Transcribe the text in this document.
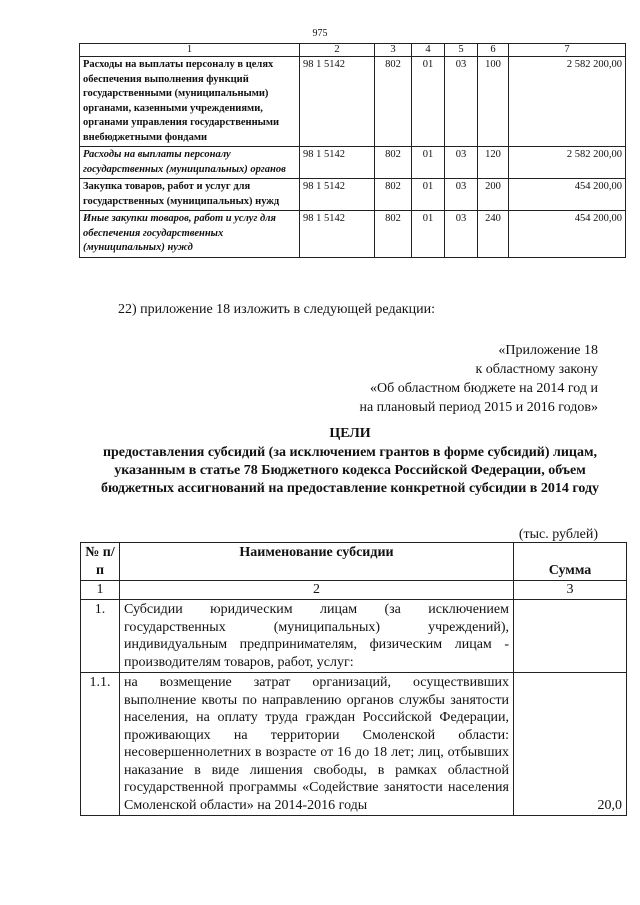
975
1	2	3	4	5	6	7
Расходы на выплаты персоналу в целях обеспечения выполнения функций государственными (муниципальными) органами, казенными учреждениями, органами управления государственными внебюджетными фондами	98 1 5142	802	01	03	100	2 582 200,00
Расходы на выплаты персоналу государственных (муниципальных) органов	98 1 5142	802	01	03	120	2 582 200,00
Закупка товаров, работ и услуг для государственных (муниципальных) нужд	98 1 5142	802	01	03	200	454 200,00
Иные закупки товаров, работ и услуг для обеспечения государственных (муниципальных) нужд	98 1 5142	802	01	03	240	454 200,00
22) приложение 18 изложить в следующей редакции:
«Приложение 18
к областному закону
«Об областном бюджете на 2014 год и
на плановый период 2015 и 2016 годов»
ЦЕЛИ
предоставления субсидий (за исключением грантов в форме субсидий) лицам, указанным в статье 78 Бюджетного кодекса Российской Федерации, объем бюджетных ассигнований на предоставление конкретной субсидии в 2014 году
(тыс. рублей)
№ п/п	Наименование субсидии	Сумма
1	2	3
1.	Субсидии юридическим лицам (за исключением государственных (муниципальных) учреждений), индивидуальным предпринимателям, физическим лицам - производителям товаров, работ, услуг:	
1.1.	на возмещение затрат организаций, осуществивших выполнение квоты по направлению органов службы занятости населения, на оплату труда граждан Российской Федерации, проживающих на территории Смоленской области: несовершеннолетних в возрасте от 16 до 18 лет; лиц, отбывших наказание в виде лишения свободы, в рамках областной государственной программы «Содействие занятости населения Смоленской области» на 2014-2016 годы	20,0
